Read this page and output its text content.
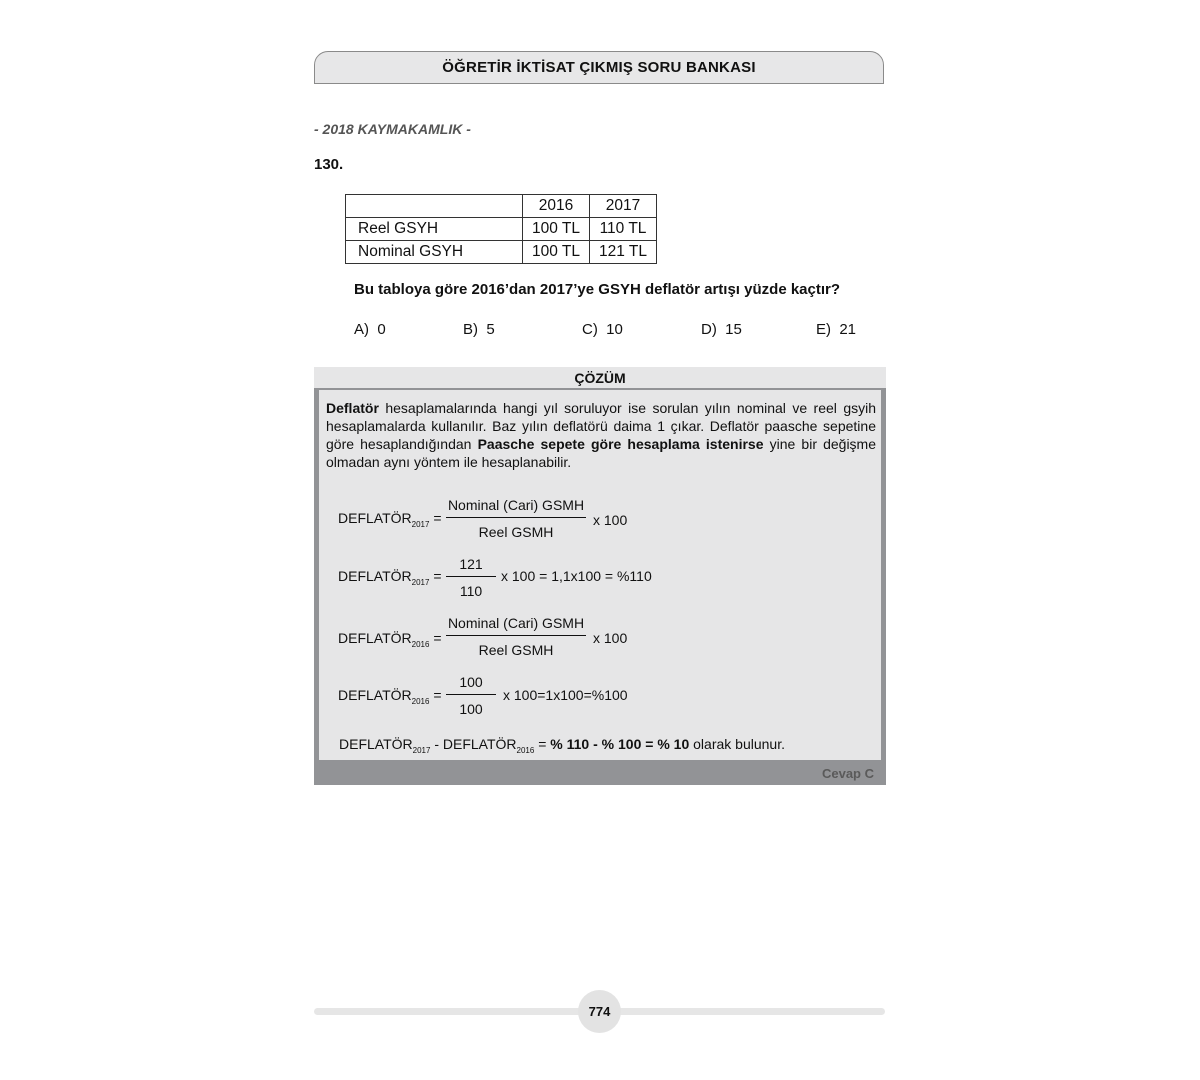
ÖĞRETİR İKTİSAT ÇIKMIŞ SORU BANKASI
- 2018 KAYMAKAMLIK -
130.
	2016	2017
Reel GSYH	100 TL	110 TL
Nominal GSYH	100 TL	121 TL
Bu tabloya göre 2016’dan 2017’ye GSYH deflatör artışı yüzde kaçtır?
A) 0	B) 5	C) 10	D) 15	E) 21
ÇÖZÜM
Deflatör hesaplamalarında hangi yıl soruluyor ise sorulan yılın nominal ve reel gsyih hesaplamalarda kullanılır. Baz yılın deflatörü daima 1 çıkar. Deflatör paasche sepetine göre hesaplandığından Paasche sepete göre hesaplama istenirse yine bir değişme olmadan aynı yöntem ile hesaplanabilir.
$DEFLATÖR_{2017}$ =
Nominal (Cari) GSMH
Reel GSMH
x 100
$DEFLATÖR_{2017}$ =
121
110
x 100 = 1,1x100 = %110
$DEFLATÖR_{2016}$ =
Nominal (Cari) GSMH
Reel GSMH
x 100
$DEFLATÖR_{2016}$ =
100
100
x 100=1x100=%100
$DEFLATÖR_{2017}$ - $DEFLATÖR_{2016}$ = % 110 - % 100 = % 10 olarak bulunur.
Cevap C
774
